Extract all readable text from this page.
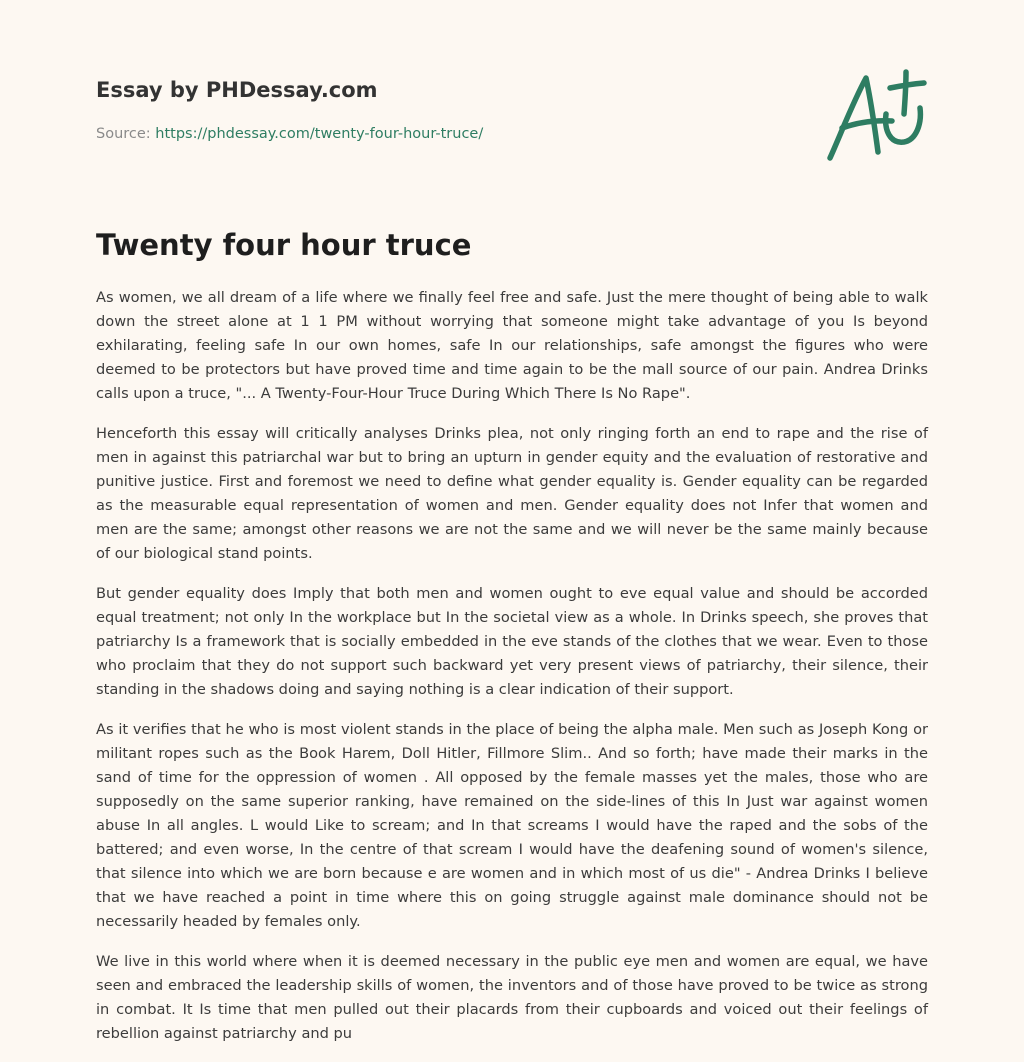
Essay by PHDessay.com
Source: https://phdessay.com/twenty-four-hour-truce/
Twenty four hour truce

As women, we all dream of a life where we finally feel free and safe. Just the mere thought of being able to walk down the street alone at 1 1 PM without worrying that someone might take advantage of you Is beyond exhilarating, feeling safe In our own homes, safe In our relationships, safe amongst the figures who were deemed to be protectors but have proved time and time again to be the mall source of our pain. Andrea Drinks calls upon a truce, "... A Twenty-Four-Hour Truce During Which There Is No Rape".

Henceforth this essay will critically analyses Drinks plea, not only ringing forth an end to rape and the rise of men in against this patriarchal war but to bring an upturn in gender equity and the evaluation of restorative and punitive justice. First and foremost we need to define what gender equality is. Gender equality can be regarded as the measurable equal representation of women and men. Gender equality does not Infer that women and men are the same; amongst other reasons we are not the same and we will never be the same mainly because of our biological stand points.

But gender equality does Imply that both men and women ought to eve equal value and should be accorded equal treatment; not only In the workplace but In the societal view as a whole. In Drinks speech, she proves that patriarchy Is a framework that is socially embedded in the eve stands of the clothes that we wear. Even to those who proclaim that they do not support such backward yet very present views of patriarchy, their silence, their standing in the shadows doing and saying nothing is a clear indication of their support.

As it verifies that he who is most violent stands in the place of being the alpha male. Men such as Joseph Kong or militant ropes such as the Book Harem, Doll Hitler, Fillmore Slim.. And so forth; have made their marks in the sand of time for the oppression of women . All opposed by the female masses yet the males, those who are supposedly on the same superior ranking, have remained on the side-lines of this In Just war against women abuse In all angles. L would Like to scream; and In that screams I would have the raped and the sobs of the battered; and even worse, In the centre of that scream I would have the deafening sound of women's silence, that silence into which we are born because e are women and in which most of us die" - Andrea Drinks I believe that we have reached a point in time where this on going struggle against male dominance should not be necessarily headed by females only.

We live in this world where when it is deemed necessary in the public eye men and women are equal, we have seen and embraced the leadership skills of women, the inventors and of those have proved to be twice as strong in combat. It Is time that men pulled out their placards from their cupboards and voiced out their feelings of rebellion against patriarchy and pu
